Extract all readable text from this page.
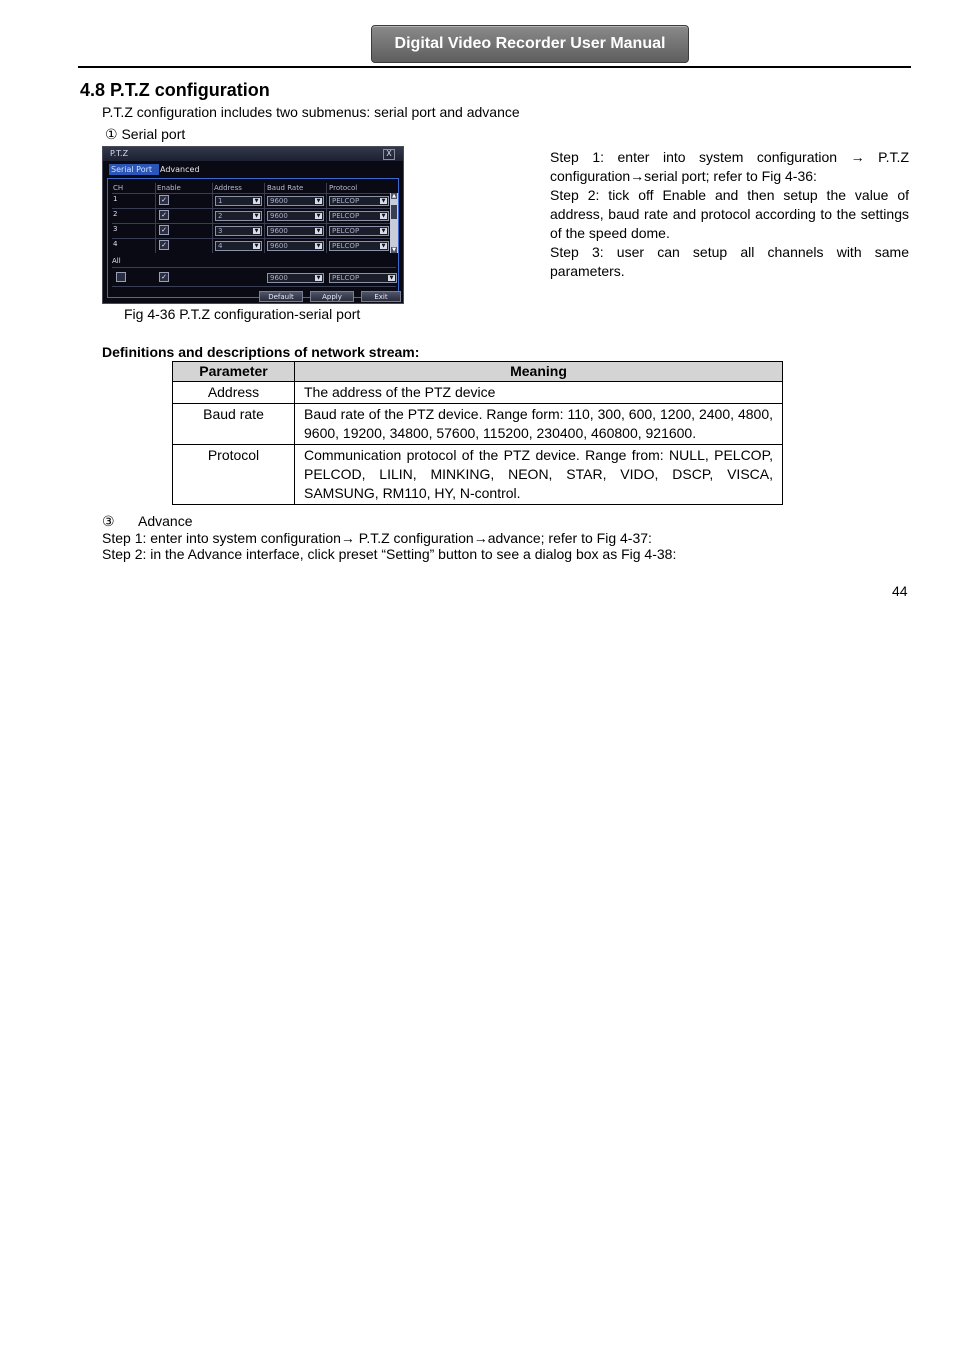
Digital Video Recorder User Manual
4.8 P.T.Z configuration
P.T.Z configuration includes two submenus: serial port and advance
① Serial port
P.T.Z	X
Serial Port Advanced
CH	Enable	Address	Baud Rate	Protocol
1	✓	1	▼	9600	▼	PELCOP	▼
2	✓	2	▼	9600	▼	PELCOP	▼
3	✓	3	▼	9600	▼	PELCOP	▼
4	✓	4	▼	9600	▼	PELCOP	▼
▲
▼
All
✓	9600	▼	PELCOP	▼
Default	Apply	Exit
Fig 4-36 P.T.Z configuration-serial port
Step 1: enter into system configuration → P.T.Z configuration→serial port; refer to Fig 4-36:
Step 2: tick off Enable and then setup the value of address, baud rate and protocol according to the settings of the speed dome.
Step 3: user can setup all channels with same parameters.
Definitions and descriptions of network stream:
Parameter	Meaning
Address	The address of the PTZ device
Baud rate	Baud rate of the PTZ device. Range form: 110, 300, 600, 1200, 2400, 4800, 9600, 19200, 34800, 57600, 115200, 230400, 460800, 921600.
Protocol	Communication protocol of the PTZ device. Range from: NULL, PELCOP, PELCOD, LILIN, MINKING, NEON, STAR, VIDO, DSCP, VISCA, SAMSUNG, RM110, HY, N-control.
③ Advance
Step 1: enter into system configuration→ P.T.Z configuration→advance; refer to Fig 4-37:
Step 2: in the Advance interface, click preset “Setting” button to see a dialog box as Fig 4-38:
44
